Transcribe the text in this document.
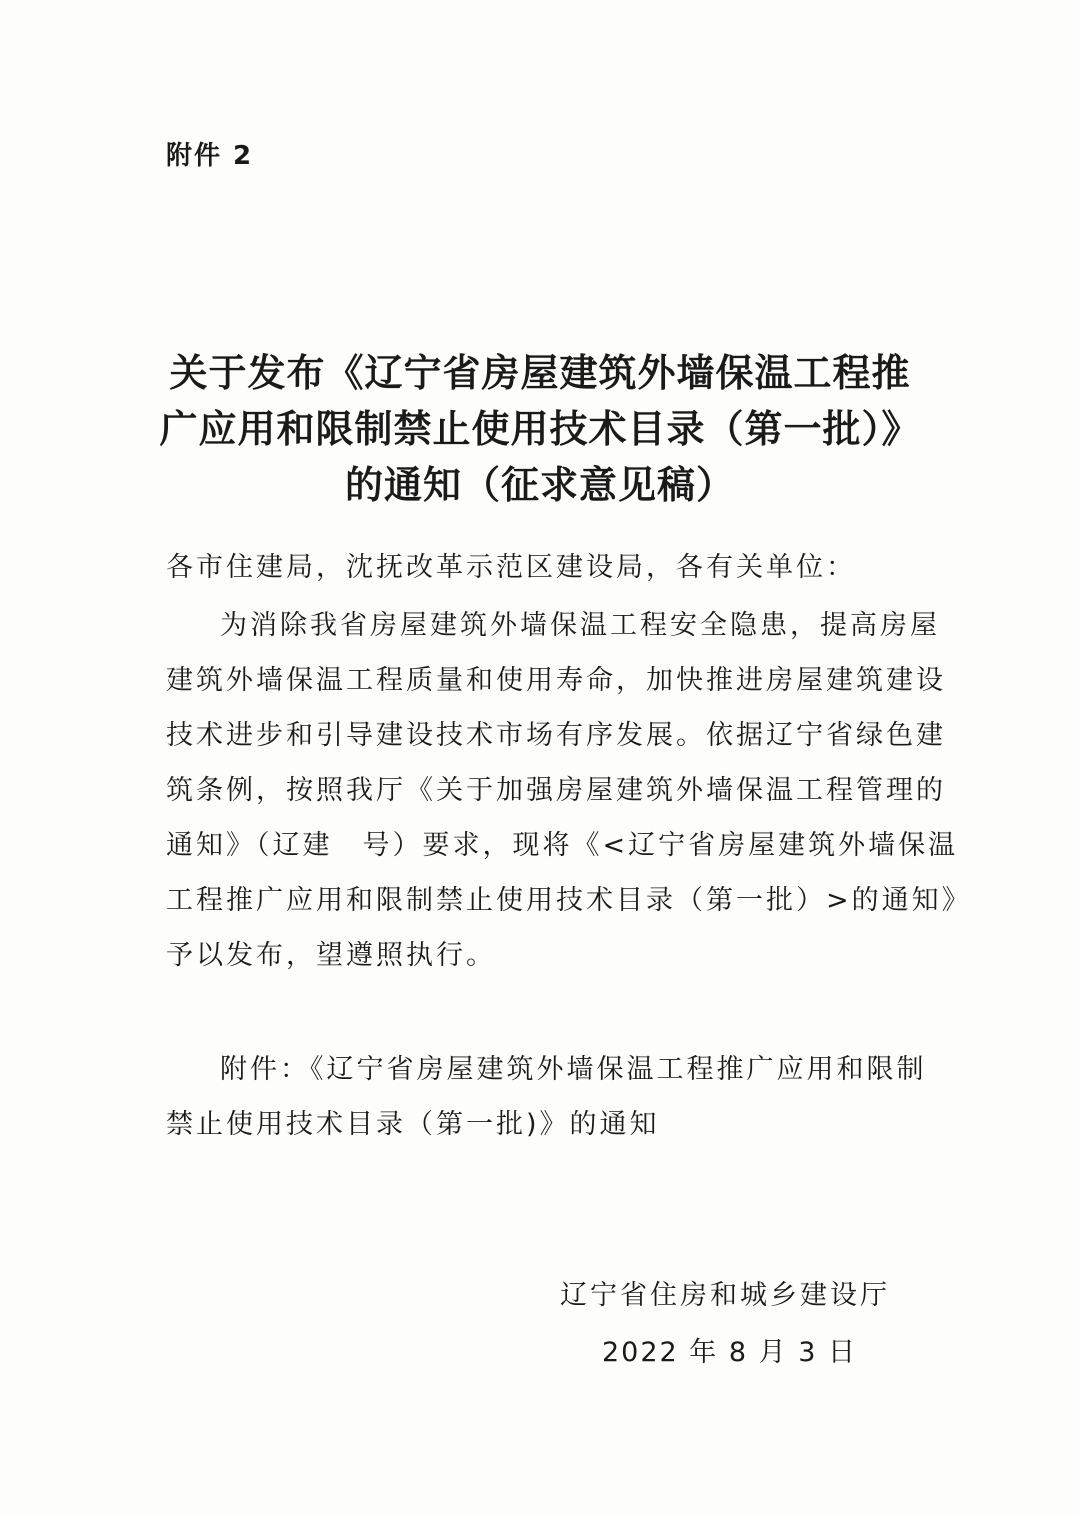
附件 2
关于发布《辽宁省房屋建筑外墙保温工程推
广应用和限制禁止使用技术目录（第一批）》
的通知（征求意见稿）
各市住建局，沈抚改革示范区建设局，各有关单位：
为消除我省房屋建筑外墙保温工程安全隐患，提高房屋
建筑外墙保温工程质量和使用寿命，加快推进房屋建筑建设
技术进步和引导建设技术市场有序发展。依据辽宁省绿色建
筑条例，按照我厅《关于加强房屋建筑外墙保温工程管理的
通知》（辽建　号）要求，现将《<辽宁省房屋建筑外墙保温
工程推广应用和限制禁止使用技术目录（第一批）>的通知》
予以发布，望遵照执行。
附件：《辽宁省房屋建筑外墙保温工程推广应用和限制
禁止使用技术目录（第一批)》的通知
辽宁省住房和城乡建设厅
2022 年 8 月 3 日
